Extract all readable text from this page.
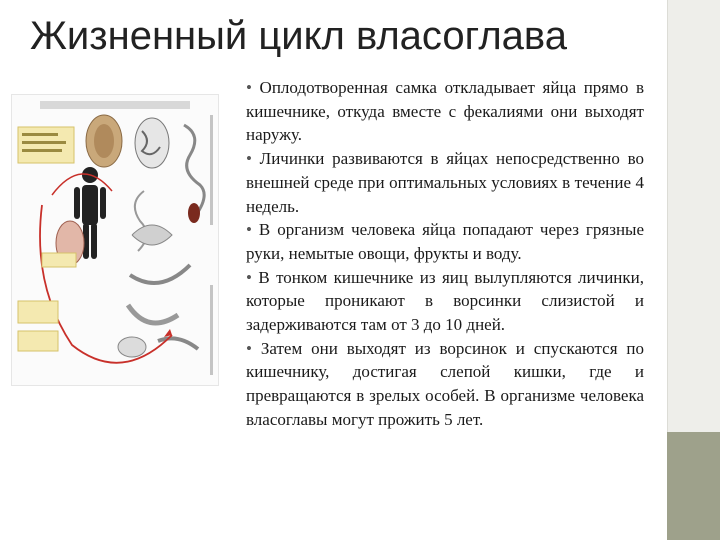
Жизненный цикл власоглава

• Оплодотворенная самка откладывает яйца прямо в кишечнике, откуда вместе с фекалиями они выходят наружу.

• Личинки развиваются в яйцах непосредственно во внешней среде при оптимальных условиях в течение 4 недель.

• В организм человека яйца попадают через грязные руки, немытые овощи, фрукты и воду.

• В тонком кишечнике из яиц вылупляются личинки, которые проникают в ворсинки слизистой и задерживаются там от 3 до 10 дней.

• Затем они выходят из ворсинок и спускаются по кишечнику, достигая слепой кишки, где и превращаются в зрелых особей. В организме человека власоглавы могут прожить 5 лет.
